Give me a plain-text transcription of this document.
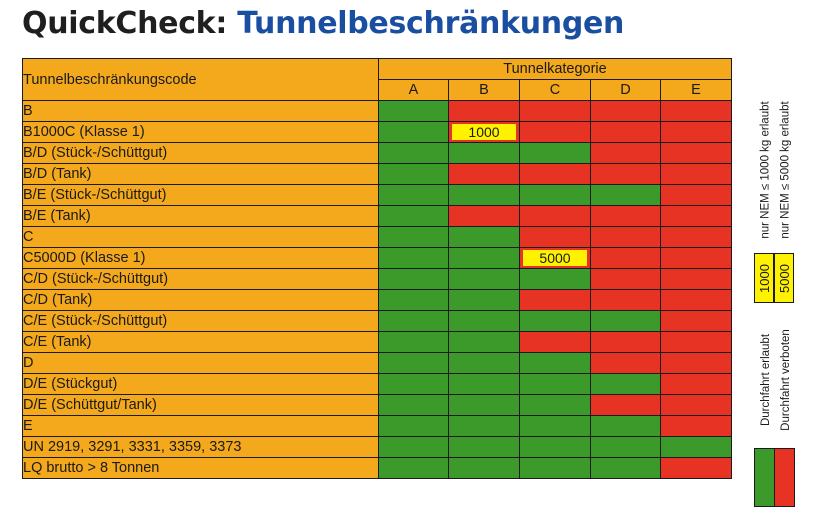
QuickCheck: Tunnelbeschränkungen
Tunnelbeschränkungscode	Tunnelkategorie				
	A	B	C	D	E
B					
B1000C (Klasse 1)		1000			

B/D (Stück-/Schüttgut)					
B/D (Tank)					
B/E (Stück-/Schüttgut)					
B/E (Tank)					
C					
C5000D (Klasse 1)			5000		

C/D (Stück-/Schüttgut)					
C/D (Tank)					
C/E (Stück-/Schüttgut)					
C/E (Tank)					
D					
D/E (Stückgut)					
D/E (Schüttgut/Tank)					
E					
UN 2919, 3291, 3331, 3359, 3373					
LQ brutto > 8 Tonnen					
nur NEM ≤ 1000 kg erlaubt nur NEM ≤ 5000 kg erlaubt
1000 5000
Durchfahrt erlaubt Durchfahrt verboten
